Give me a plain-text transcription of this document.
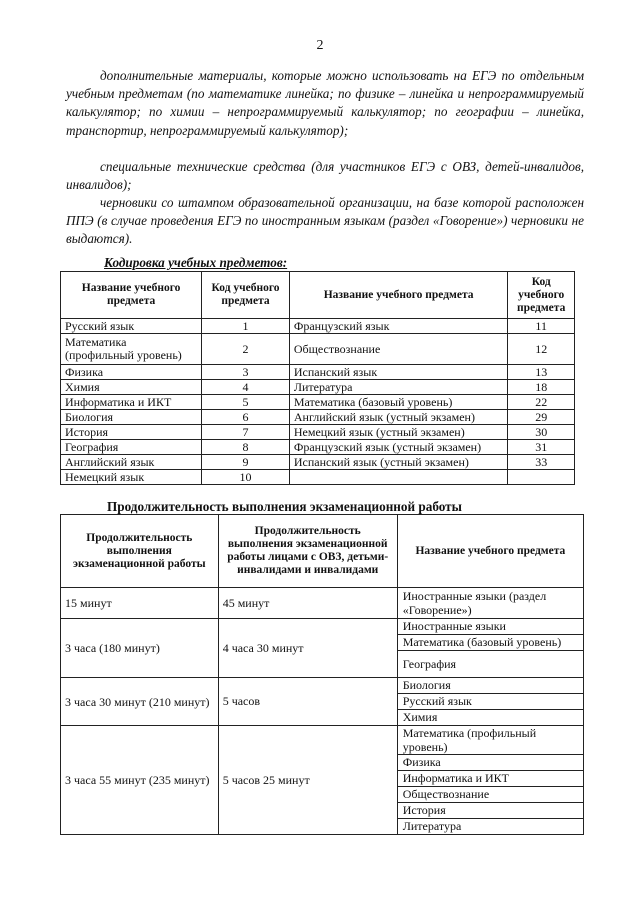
2
дополнительные материалы, которые можно использовать на ЕГЭ по отдельным учебным предметам (по математике линейка; по физике – линейка и непрограммируемый калькулятор; по химии – непрограммируемый калькулятор; по географии – линейка, транспортир, непрограммируемый калькулятор);
специальные технические средства (для участников ЕГЭ с ОВЗ, детей-инвалидов, инвалидов);
черновики со штампом образовательной организации, на базе которой расположен ППЭ (в случае проведения ЕГЭ по иностранным языкам (раздел «Говорение») черновики не выдаются).
Кодировка учебных предметов:
Название учебного предмета	Код учебного предмета	Название учебного предмета	Код учебного предмета
Русский язык	1	Французский язык	11
Математика (профильный уровень)	2	Обществознание	12
Физика	3	Испанский язык	13
Химия	4	Литература	18
Информатика и ИКТ	5	Математика (базовый уровень)	22
Биология	6	Английский язык (устный экзамен)	29
История	7	Немецкий язык (устный экзамен)	30
География	8	Французский язык (устный экзамен)	31
Английский язык	9	Испанский язык (устный экзамен)	33
Немецкий язык	10		
Продолжительность выполнения экзаменационной работы
Продолжительность выполнения экзаменационной работы	Продолжительность выполнения экзаменационной работы лицами с ОВЗ, детьми-инвалидами и инвалидами	Название учебного предмета
15 минут	45 минут	Иностранные языки (раздел «Говорение»)
3 часа (180 минут)	4 часа 30 минут	Иностранные языки
		Математика (базовый уровень)
		География
3 часа 30 минут (210 минут)	5 часов	Биология
		Русский язык
		Химия
3 часа 55 минут (235 минут)	5 часов 25 минут	Математика (профильный уровень)
		Физика
		Информатика и ИКТ
		Обществознание
		История
		Литература
